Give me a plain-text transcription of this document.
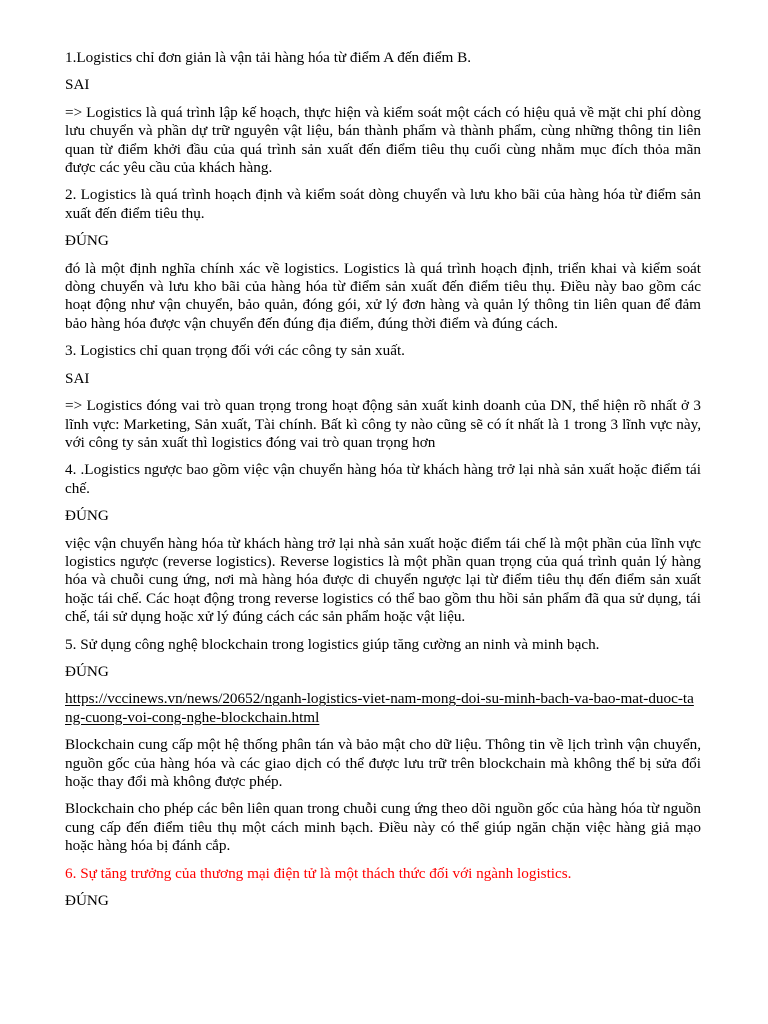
1.Logistics chỉ đơn giản là vận tải hàng hóa từ điểm A đến điểm B.

SAI

=> Logistics là quá trình lập kế hoạch, thực hiện và kiểm soát một cách có hiệu quả về mặt chi phí dòng lưu chuyển và phần dự trữ nguyên vật liệu, bán thành phẩm và thành phẩm, cùng những thông tin liên quan từ điểm khởi đầu của quá trình sản xuất đến điểm tiêu thụ cuối cùng nhằm mục đích thỏa mãn được các yêu cầu của khách hàng.

2. Logistics là quá trình hoạch định và kiểm soát dòng chuyển và lưu kho bãi của hàng hóa từ điểm sản xuất đến điểm tiêu thụ.

ĐÚNG

đó là một định nghĩa chính xác về logistics. Logistics là quá trình hoạch định, triển khai và kiểm soát dòng chuyển và lưu kho bãi của hàng hóa từ điểm sản xuất đến điểm tiêu thụ. Điều này bao gồm các hoạt động như vận chuyển, bảo quản, đóng gói, xử lý đơn hàng và quản lý thông tin liên quan để đảm bảo hàng hóa được vận chuyển đến đúng địa điểm, đúng thời điểm và đúng cách.

3. Logistics chỉ quan trọng đối với các công ty sản xuất.

SAI

=> Logistics đóng vai trò quan trọng trong hoạt động sản xuất kinh doanh của DN, thể hiện rõ nhất ở 3 lĩnh vực: Marketing, Sản xuất, Tài chính. Bất kì công ty nào cũng sẽ có ít nhất là 1 trong 3 lĩnh vực này, với công ty sản xuất thì logistics đóng vai trò quan trọng hơn

4. .Logistics ngược bao gồm việc vận chuyển hàng hóa từ khách hàng trở lại nhà sản xuất hoặc điểm tái chế.

ĐÚNG

việc vận chuyển hàng hóa từ khách hàng trở lại nhà sản xuất hoặc điểm tái chế là một phần của lĩnh vực logistics ngược (reverse logistics). Reverse logistics là một phần quan trọng của quá trình quản lý hàng hóa và chuỗi cung ứng, nơi mà hàng hóa được di chuyển ngược lại từ điểm tiêu thụ đến điểm sản xuất hoặc tái chế. Các hoạt động trong reverse logistics có thể bao gồm thu hồi sản phẩm đã qua sử dụng, tái chế, tái sử dụng hoặc xử lý đúng cách các sản phẩm hoặc vật liệu.

5. Sử dụng công nghệ blockchain trong logistics giúp tăng cường an ninh và minh bạch.

ĐÚNG

https://vccinews.vn/news/20652/nganh-logistics-viet-nam-mong-doi-su-minh-bach-va-bao-mat-duoc-tang-cuong-voi-cong-nghe-blockchain.html

Blockchain cung cấp một hệ thống phân tán và bảo mật cho dữ liệu. Thông tin về lịch trình vận chuyển, nguồn gốc của hàng hóa và các giao dịch có thể được lưu trữ trên blockchain mà không thể bị sửa đổi hoặc thay đổi mà không được phép.

Blockchain cho phép các bên liên quan trong chuỗi cung ứng theo dõi nguồn gốc của hàng hóa từ nguồn cung cấp đến điểm tiêu thụ một cách minh bạch. Điều này có thể giúp ngăn chặn việc hàng giả mạo hoặc hàng hóa bị đánh cắp.

6. Sự tăng trưởng của thương mại điện tử là một thách thức đối với ngành logistics.

ĐÚNG
